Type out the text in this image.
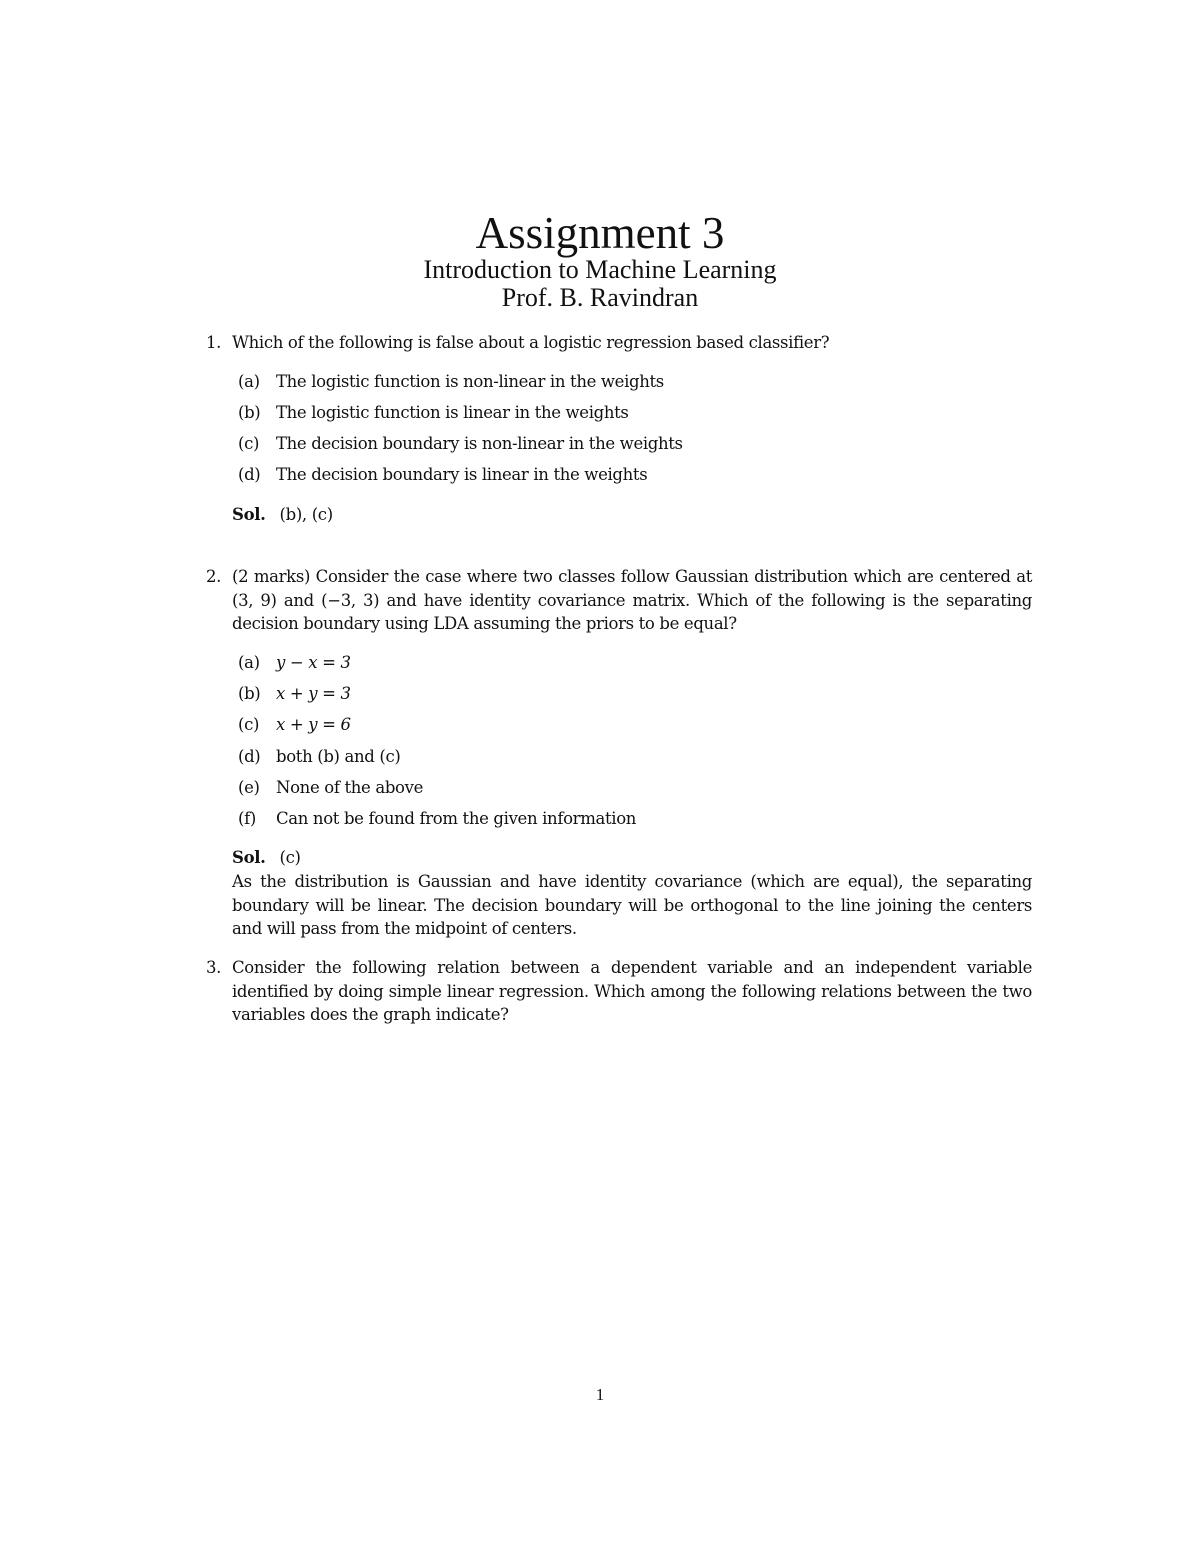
Assignment 3
Introduction to Machine Learning
Prof. B. Ravindran
1. Which of the following is false about a logistic regression based classifier?
(a) The logistic function is non-linear in the weights
(b) The logistic function is linear in the weights
(c) The decision boundary is non-linear in the weights
(d) The decision boundary is linear in the weights
Sol. (b), (c)
2. (2 marks) Consider the case where two classes follow Gaussian distribution which are centered at (3, 9) and (−3, 3) and have identity covariance matrix. Which of the following is the separating decision boundary using LDA assuming the priors to be equal?
(a) y − x = 3
(b) x + y = 3
(c) x + y = 6
(d) both (b) and (c)
(e) None of the above
(f) Can not be found from the given information
Sol. (c)
As the distribution is Gaussian and have identity covariance (which are equal), the separating boundary will be linear. The decision boundary will be orthogonal to the line joining the centers and will pass from the midpoint of centers.
3. Consider the following relation between a dependent variable and an independent variable identified by doing simple linear regression. Which among the following relations between the two variables does the graph indicate?
1
